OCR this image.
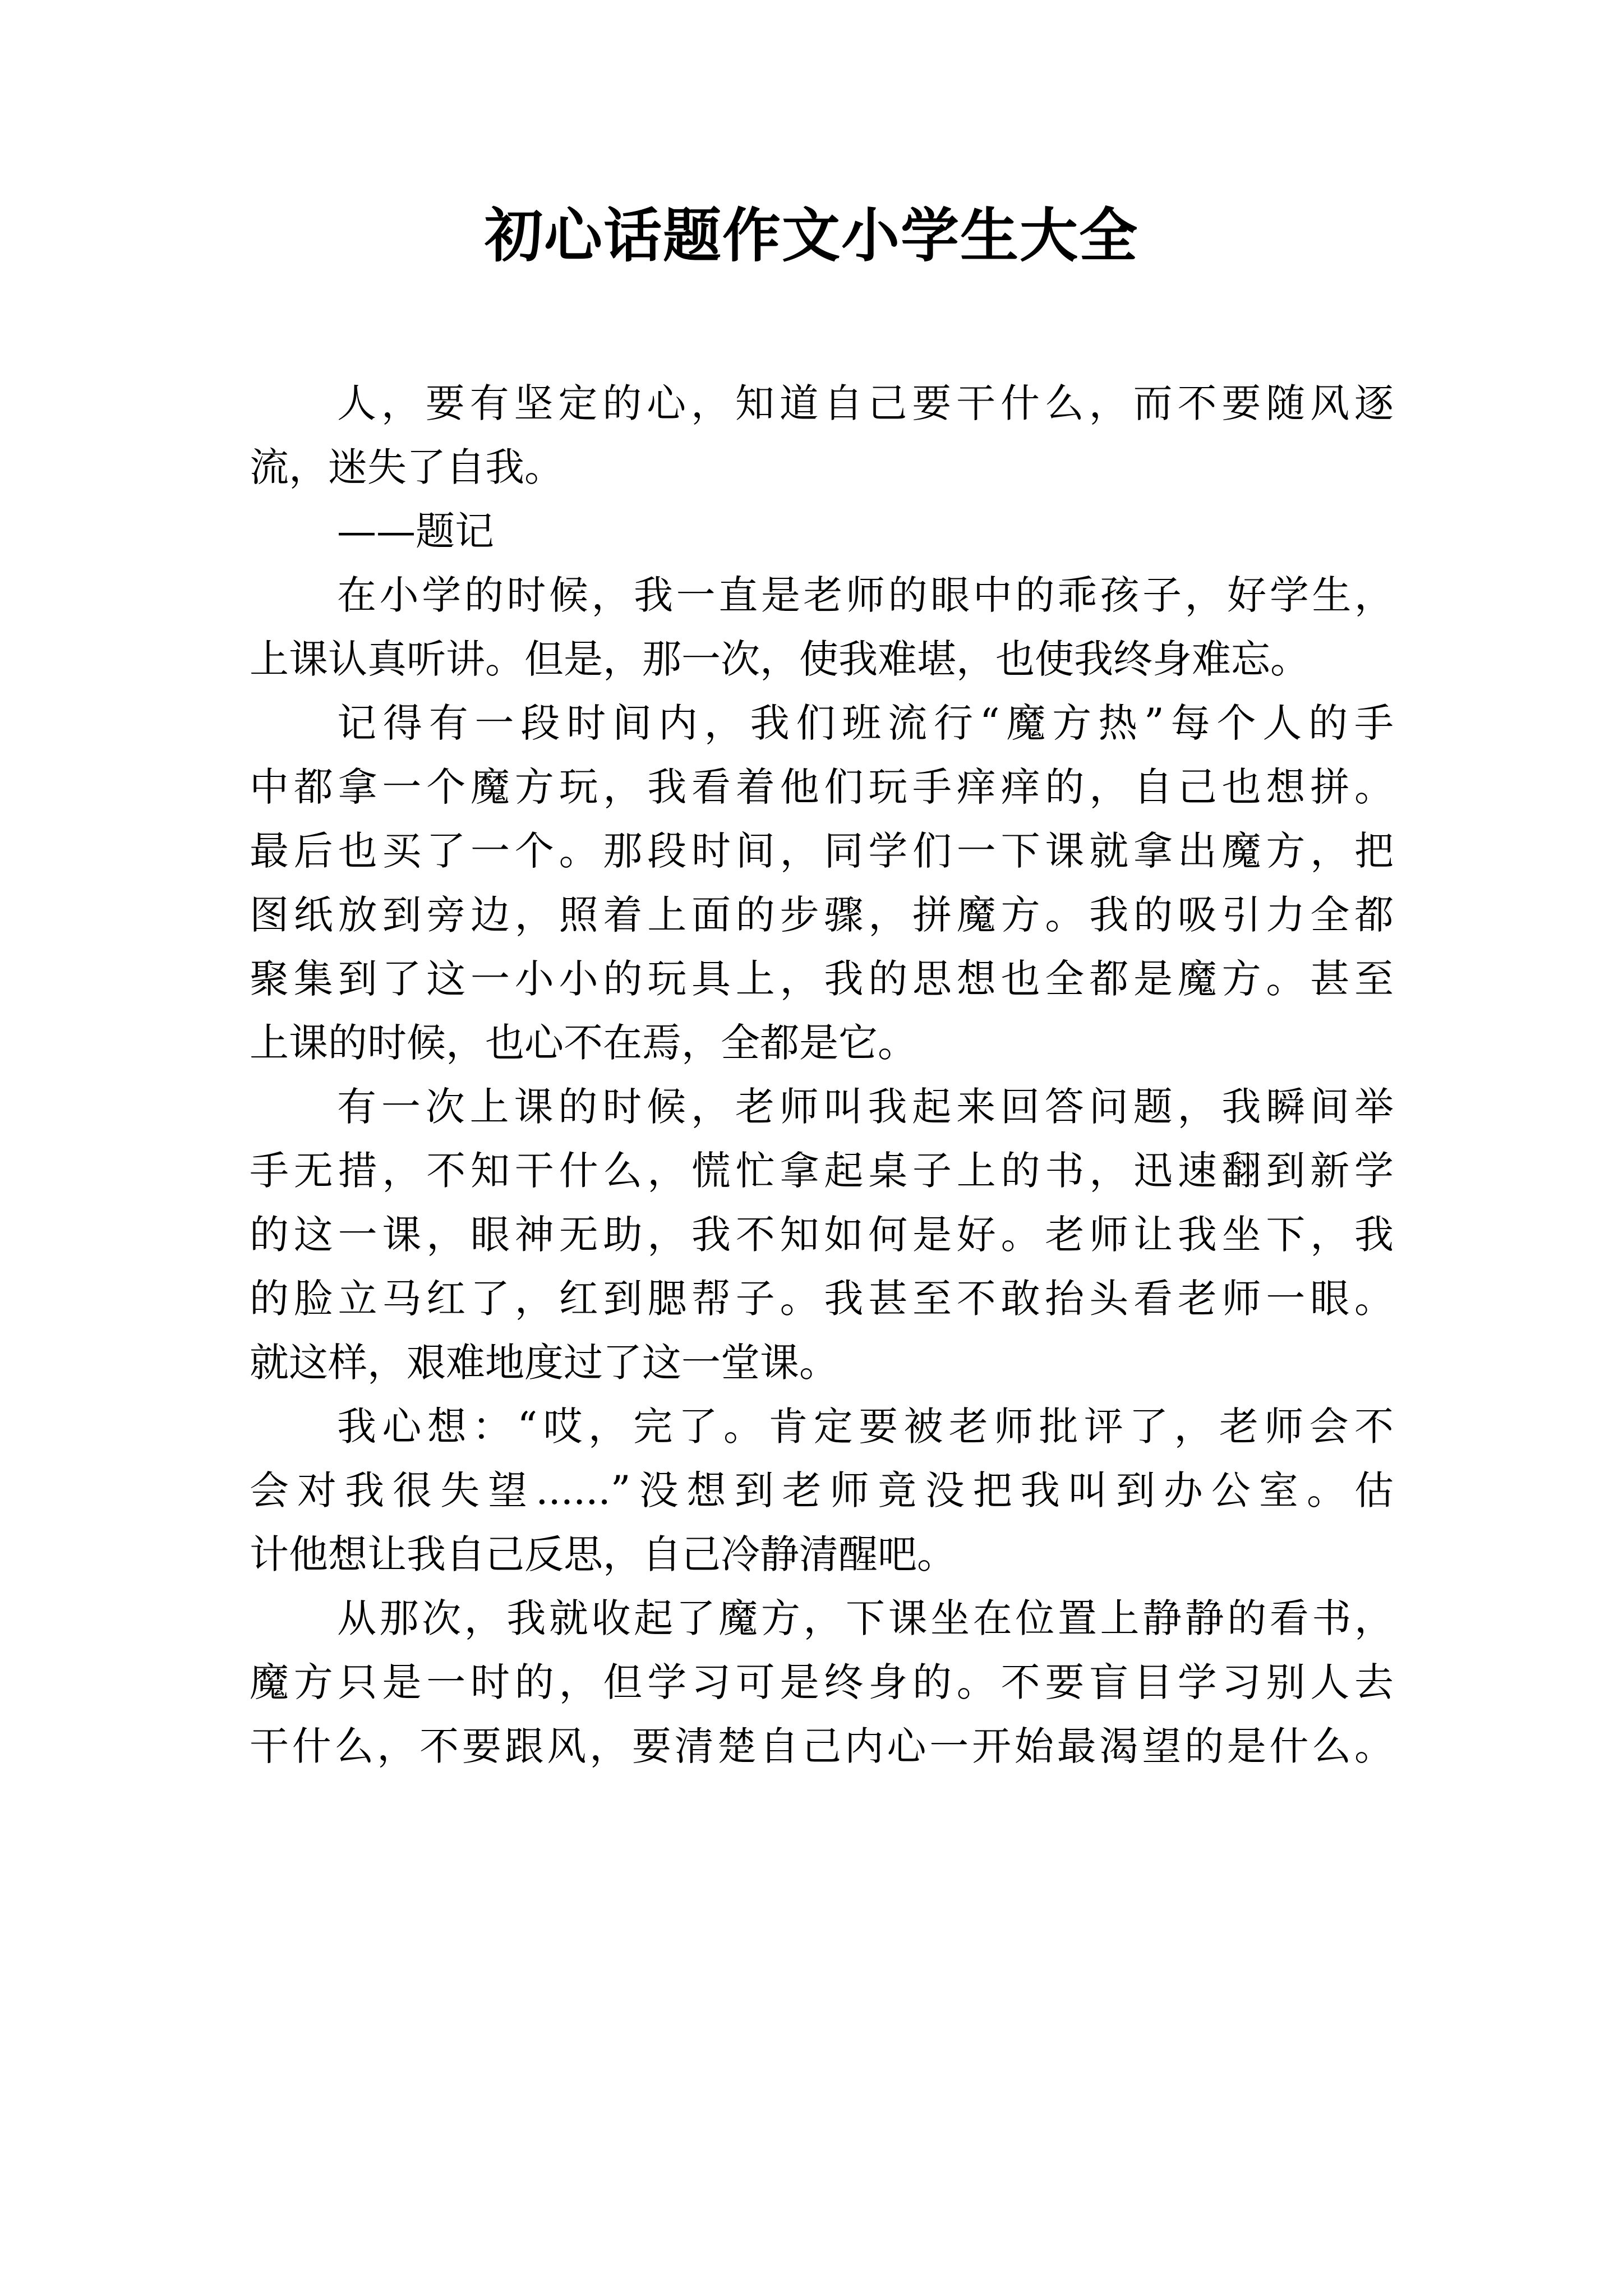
初心话题作文小学生大全
人，要有坚定的心，知道自己要干什么，而不要随风逐
流，迷失了自我。
——题记
在小学的时候，我一直是老师的眼中的乖孩子，好学生，
上课认真听讲。但是，那一次，使我难堪，也使我终身难忘。
记得有一段时间内，我们班流行“魔方热”每个人的手
中都拿一个魔方玩，我看着他们玩手痒痒的，自己也想拼。
最后也买了一个。那段时间，同学们一下课就拿出魔方，把
图纸放到旁边，照着上面的步骤，拼魔方。我的吸引力全都
聚集到了这一小小的玩具上，我的思想也全都是魔方。甚至
上课的时候，也心不在焉，全都是它。
有一次上课的时候，老师叫我起来回答问题，我瞬间举
手无措，不知干什么，慌忙拿起桌子上的书，迅速翻到新学
的这一课，眼神无助，我不知如何是好。老师让我坐下，我
的脸立马红了，红到腮帮子。我甚至不敢抬头看老师一眼。
就这样，艰难地度过了这一堂课。
我心想：“哎，完了。肯定要被老师批评了，老师会不
会对我很失望......”没想到老师竟没把我叫到办公室。估
计他想让我自己反思，自己冷静清醒吧。
从那次，我就收起了魔方，下课坐在位置上静静的看书，
魔方只是一时的，但学习可是终身的。不要盲目学习别人去
干什么，不要跟风，要清楚自己内心一开始最渴望的是什么。
